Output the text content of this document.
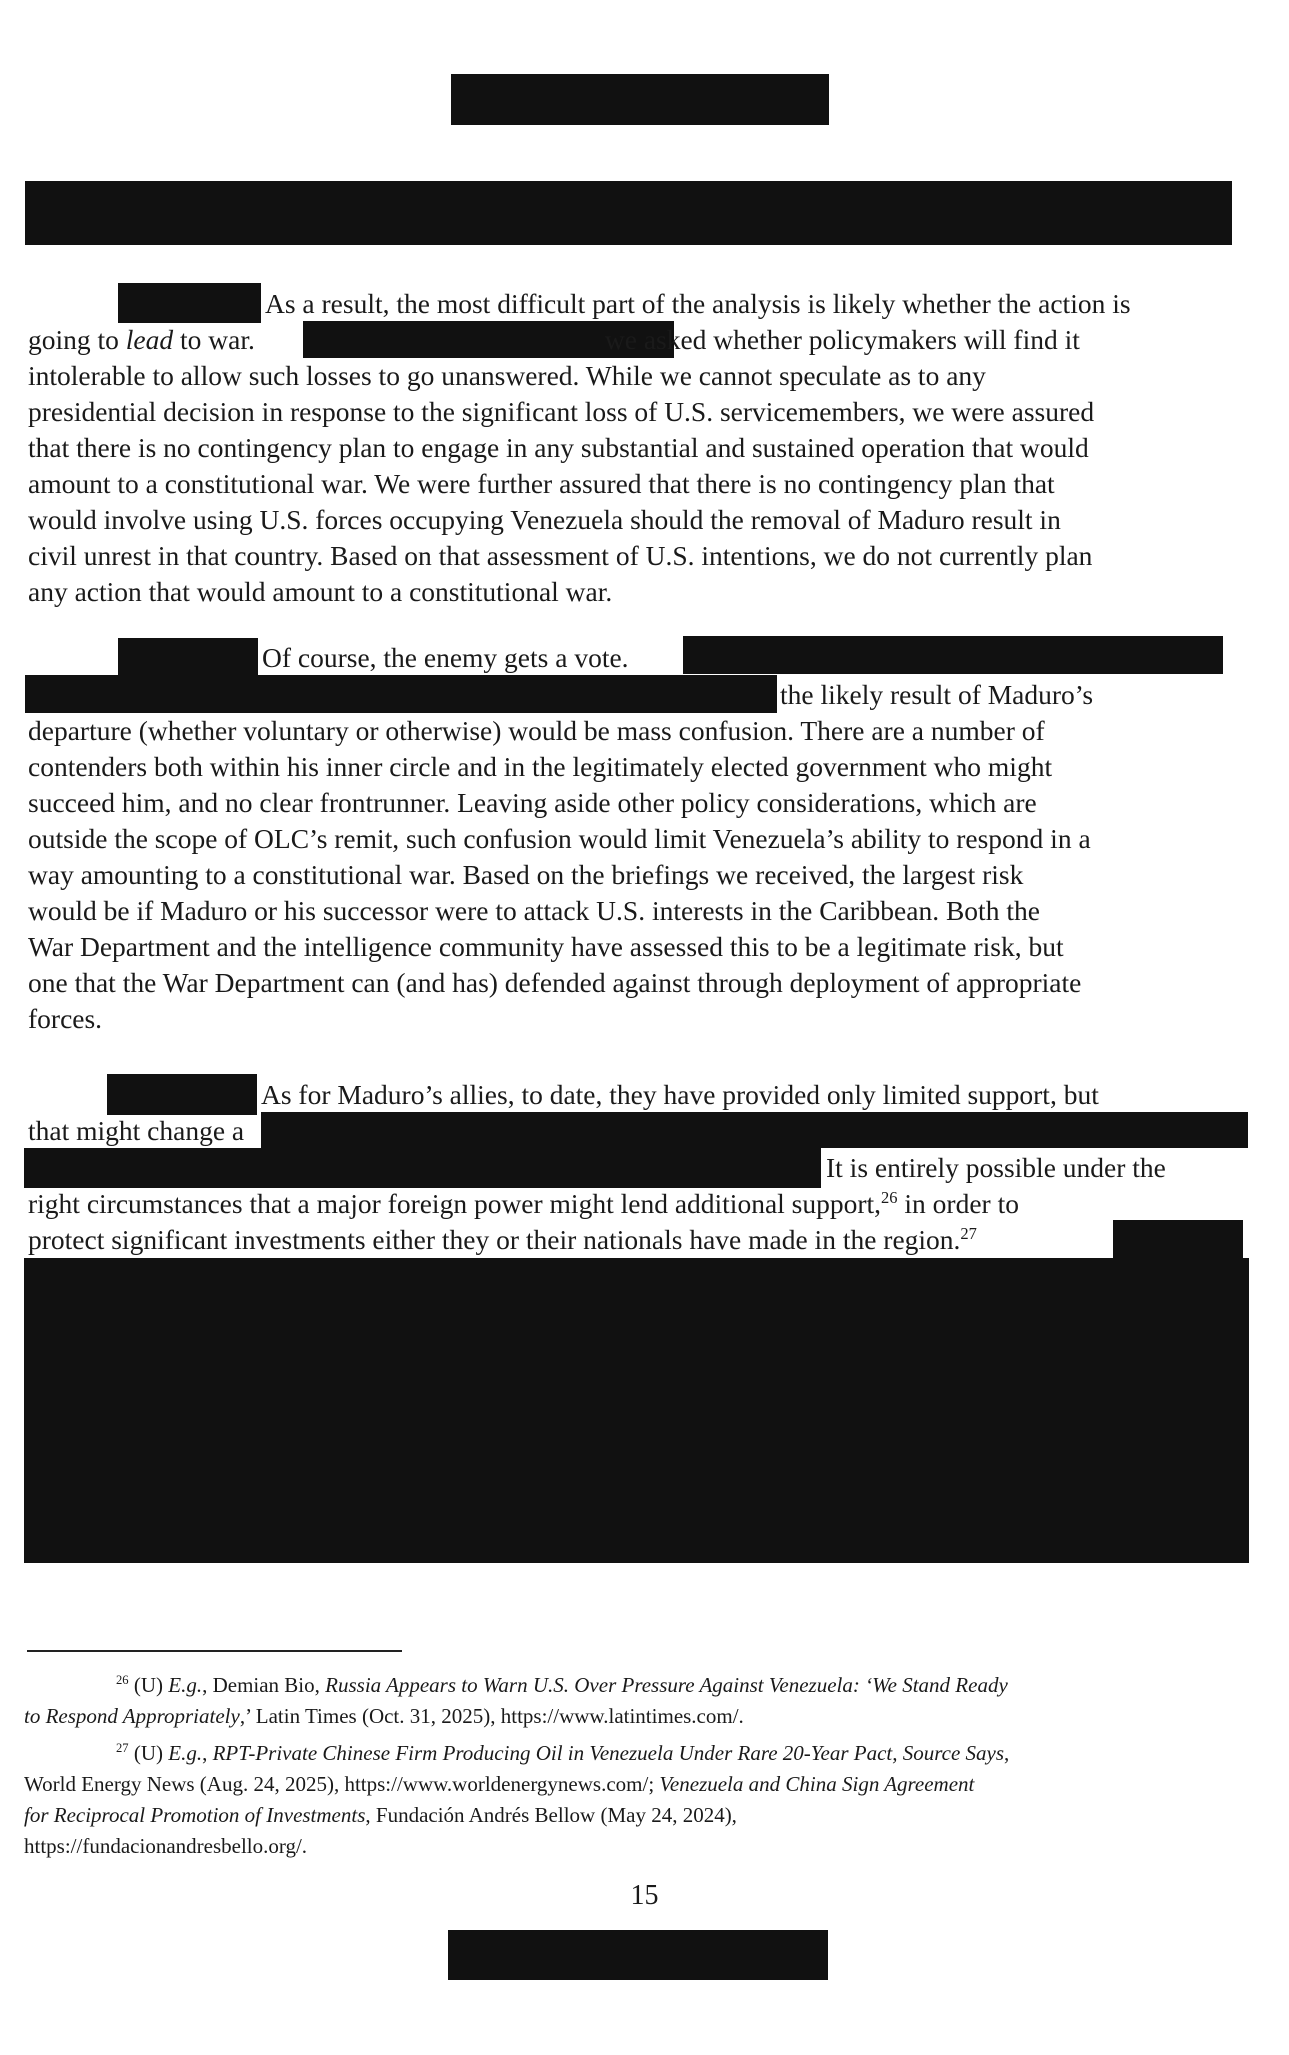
As a result, the most difficult part of the analysis is likely whether the action is
going to lead to war.	we asked whether policymakers will find it
intolerable to allow such losses to go unanswered. While we cannot speculate as to any
presidential decision in response to the significant loss of U.S. servicemembers, we were assured
that there is no contingency plan to engage in any substantial and sustained operation that would
amount to a constitutional war. We were further assured that there is no contingency plan that
would involve using U.S. forces occupying Venezuela should the removal of Maduro result in
civil unrest in that country. Based on that assessment of U.S. intentions, we do not currently plan
any action that would amount to a constitutional war.
Of course, the enemy gets a vote.
the likely result of Maduro’s
departure (whether voluntary or otherwise) would be mass confusion. There are a number of
contenders both within his inner circle and in the legitimately elected government who might
succeed him, and no clear frontrunner. Leaving aside other policy considerations, which are
outside the scope of OLC’s remit, such confusion would limit Venezuela’s ability to respond in a
way amounting to a constitutional war. Based on the briefings we received, the largest risk
would be if Maduro or his successor were to attack U.S. interests in the Caribbean. Both the
War Department and the intelligence community have assessed this to be a legitimate risk, but
one that the War Department can (and has) defended against through deployment of appropriate
forces.
As for Maduro’s allies, to date, they have provided only limited support, but
that might change a
It is entirely possible under the
right circumstances that a major foreign power might lend additional support,$^{26}$ in order to
protect significant investments either they or their nationals have made in the region.$^{27}$
$^{26}$ (U) E.g., Demian Bio, Russia Appears to Warn U.S. Over Pressure Against Venezuela: ‘We Stand Ready
to Respond Appropriately,’ Latin Times (Oct. 31, 2025), https://www.latintimes.com/.
$^{27}$ (U) E.g., RPT-Private Chinese Firm Producing Oil in Venezuela Under Rare 20-Year Pact, Source Says,
World Energy News (Aug. 24, 2025), https://www.worldenergynews.com/; Venezuela and China Sign Agreement
for Reciprocal Promotion of Investments, Fundación Andrés Bellow (May 24, 2024),
https://fundacionandresbello.org/.
15
